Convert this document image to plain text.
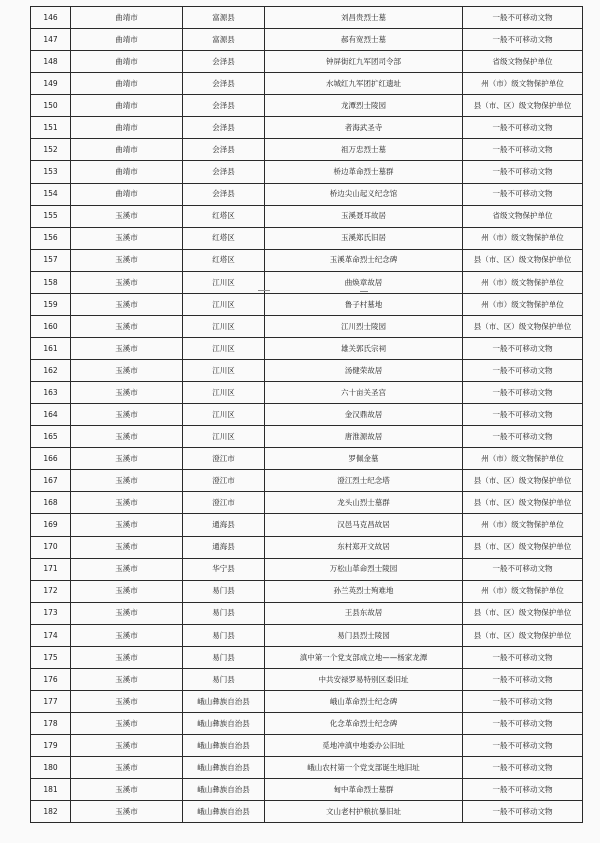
146	曲靖市	富源县	刘昌贵烈士墓	一般不可移动文物
147	曲靖市	富源县	郝有宽烈士墓	一般不可移动文物
148	曲靖市	会泽县	钟屏街红九军团司令部	省级文物保护单位
149	曲靖市	会泽县	水城红九军团扩红遗址	州（市）级文物保护单位
150	曲靖市	会泽县	龙潭烈士陵园	县（市、区）级文物保护单位
151	曲靖市	会泽县	者海武圣寺	一般不可移动文物
152	曲靖市	会泽县	祖万忠烈士墓	一般不可移动文物
153	曲靖市	会泽县	桥边革命烈士墓群	一般不可移动文物
154	曲靖市	会泽县	桥边尖山起义纪念馆	一般不可移动文物
155	玉溪市	红塔区	玉溪聂耳故居	省级文物保护单位
156	玉溪市	红塔区	玉溪郑氏旧居	州（市）级文物保护单位
157	玉溪市	红塔区	玉溪革命烈士纪念碑	县（市、区）级文物保护单位
158	玉溪市	江川区	曲焕章故居	州（市）级文物保护单位
159	玉溪市	江川区	鲁子村墓地	州（市）级文物保护单位
160	玉溪市	江川区	江川烈士陵园	县（市、区）级文物保护单位
161	玉溪市	江川区	雄关郭氏宗祠	一般不可移动文物
162	玉溪市	江川区	汤健荣故居	一般不可移动文物
163	玉溪市	江川区	六十亩关圣宫	一般不可移动文物
164	玉溪市	江川区	金汉鼎故居	一般不可移动文物
165	玉溪市	江川区	唐淮源故居	一般不可移动文物
166	玉溪市	澄江市	罗佩金墓	州（市）级文物保护单位
167	玉溪市	澄江市	澄江烈士纪念塔	县（市、区）级文物保护单位
168	玉溪市	澄江市	龙头山烈士墓群	县（市、区）级文物保护单位
169	玉溪市	通海县	汉邑马克昌故居	州（市）级文物保护单位
170	玉溪市	通海县	东村郑开文故居	县（市、区）级文物保护单位
171	玉溪市	华宁县	万松山革命烈士陵园	一般不可移动文物
172	玉溪市	易门县	孙兰英烈士殉难地	州（市）级文物保护单位
173	玉溪市	易门县	王县东故居	县（市、区）级文物保护单位
174	玉溪市	易门县	易门县烈士陵园	县（市、区）级文物保护单位
175	玉溪市	易门县	滇中第一个党支部成立地——杨家龙潭	一般不可移动文物
176	玉溪市	易门县	中共安禄罗易特别区委旧址	一般不可移动文物
177	玉溪市	峨山彝族自治县	峨山革命烈士纪念碑	一般不可移动文物
178	玉溪市	峨山彝族自治县	化念革命烈士纪念碑	一般不可移动文物
179	玉溪市	峨山彝族自治县	觅地冲滇中地委办公旧址	一般不可移动文物
180	玉溪市	峨山彝族自治县	峨山农村第一个党支部诞生地旧址	一般不可移动文物
181	玉溪市	峨山彝族自治县	甸中革命烈士墓群	一般不可移动文物
182	玉溪市	峨山彝族自治县	文山老村护粮抗暴旧址	一般不可移动文物
